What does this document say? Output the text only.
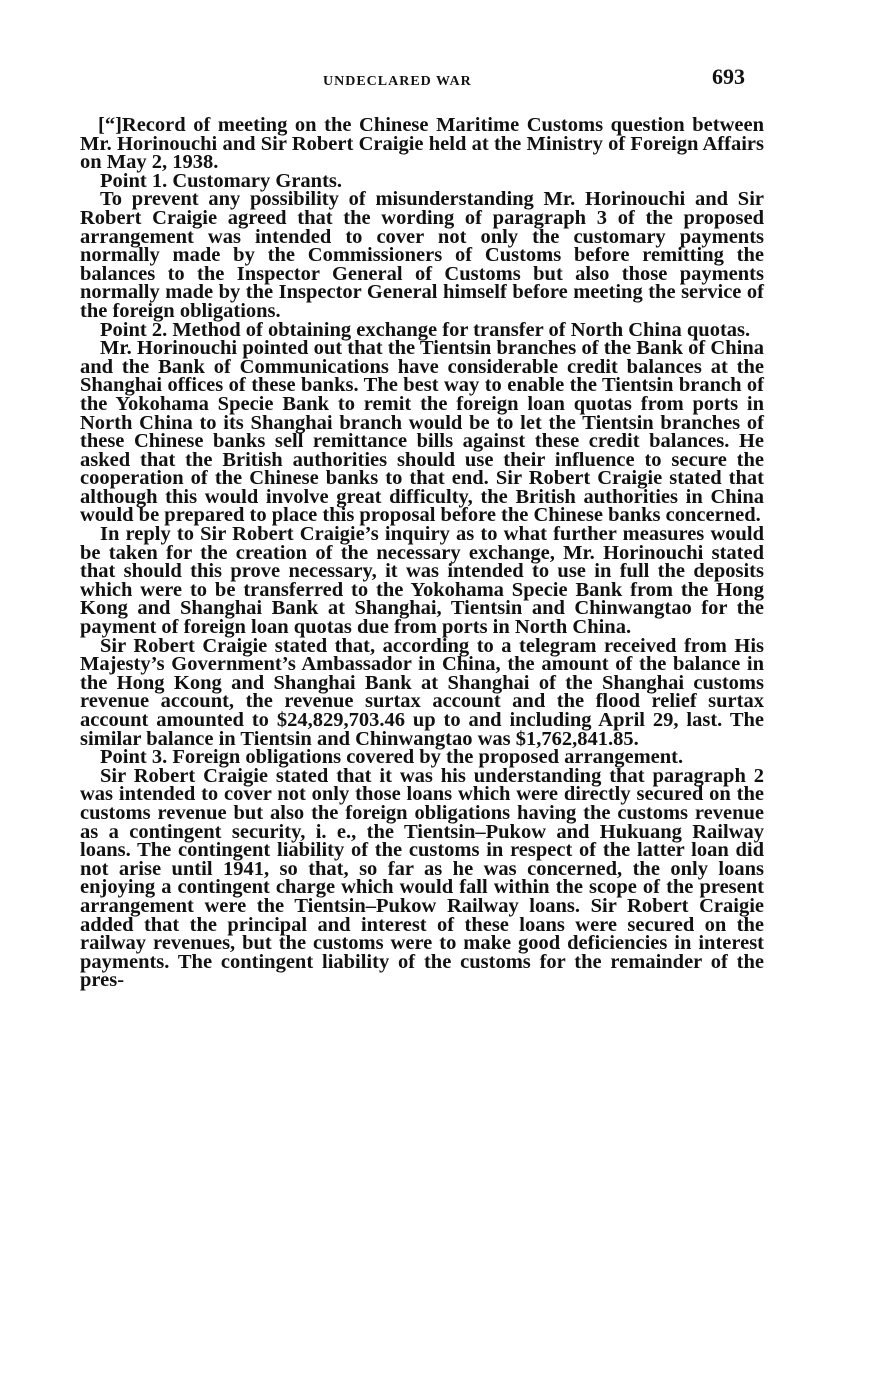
UNDECLARED WAR	693

[“]Record of meeting on the Chinese Maritime Customs question between Mr. Horinouchi and Sir Robert Craigie held at the Ministry of Foreign Affairs on May 2, 1938.

Point 1. Customary Grants.

To prevent any possibility of misunderstanding Mr. Horinouchi and Sir Robert Craigie agreed that the wording of paragraph 3 of the proposed arrangement was intended to cover not only the customary payments normally made by the Commissioners of Customs before remitting the balances to the Inspector General of Customs but also those payments normally made by the Inspector General himself before meeting the service of the foreign obligations.

Point 2. Method of obtaining exchange for transfer of North China quotas.

Mr. Horinouchi pointed out that the Tientsin branches of the Bank of China and the Bank of Communications have considerable credit balances at the Shanghai offices of these banks. The best way to enable the Tientsin branch of the Yokohama Specie Bank to remit the foreign loan quotas from ports in North China to its Shanghai branch would be to let the Tientsin branches of these Chinese banks sell remittance bills against these credit balances. He asked that the British authorities should use their influence to secure the cooperation of the Chinese banks to that end. Sir Robert Craigie stated that although this would involve great difficulty, the British authorities in China would be prepared to place this proposal before the Chinese banks concerned.

In reply to Sir Robert Craigie’s inquiry as to what further measures would be taken for the creation of the necessary exchange, Mr. Horinouchi stated that should this prove necessary, it was intended to use in full the deposits which were to be transferred to the Yokohama Specie Bank from the Hong Kong and Shanghai Bank at Shanghai, Tientsin and Chinwangtao for the payment of foreign loan quotas due from ports in North China.

Sir Robert Craigie stated that, according to a telegram received from His Majesty’s Government’s Ambassador in China, the amount of the balance in the Hong Kong and Shanghai Bank at Shanghai of the Shanghai customs revenue account, the revenue surtax account and the flood relief surtax account amounted to $24,829,703.46 up to and including April 29, last. The similar balance in Tientsin and Chinwangtao was $1,762,841.85.

Point 3. Foreign obligations covered by the proposed arrangement.

Sir Robert Craigie stated that it was his understanding that paragraph 2 was intended to cover not only those loans which were directly secured on the customs revenue but also the foreign obligations having the customs revenue as a contingent security, i. e., the Tientsin–Pukow and Hukuang Railway loans. The contingent liability of the customs in respect of the latter loan did not arise until 1941, so that, so far as he was concerned, the only loans enjoying a contingent charge which would fall within the scope of the present arrangement were the Tientsin–Pukow Railway loans. Sir Robert Craigie added that the principal and interest of these loans were secured on the railway revenues, but the customs were to make good deficiencies in interest payments. The contingent liability of the customs for the remainder of the pres-
